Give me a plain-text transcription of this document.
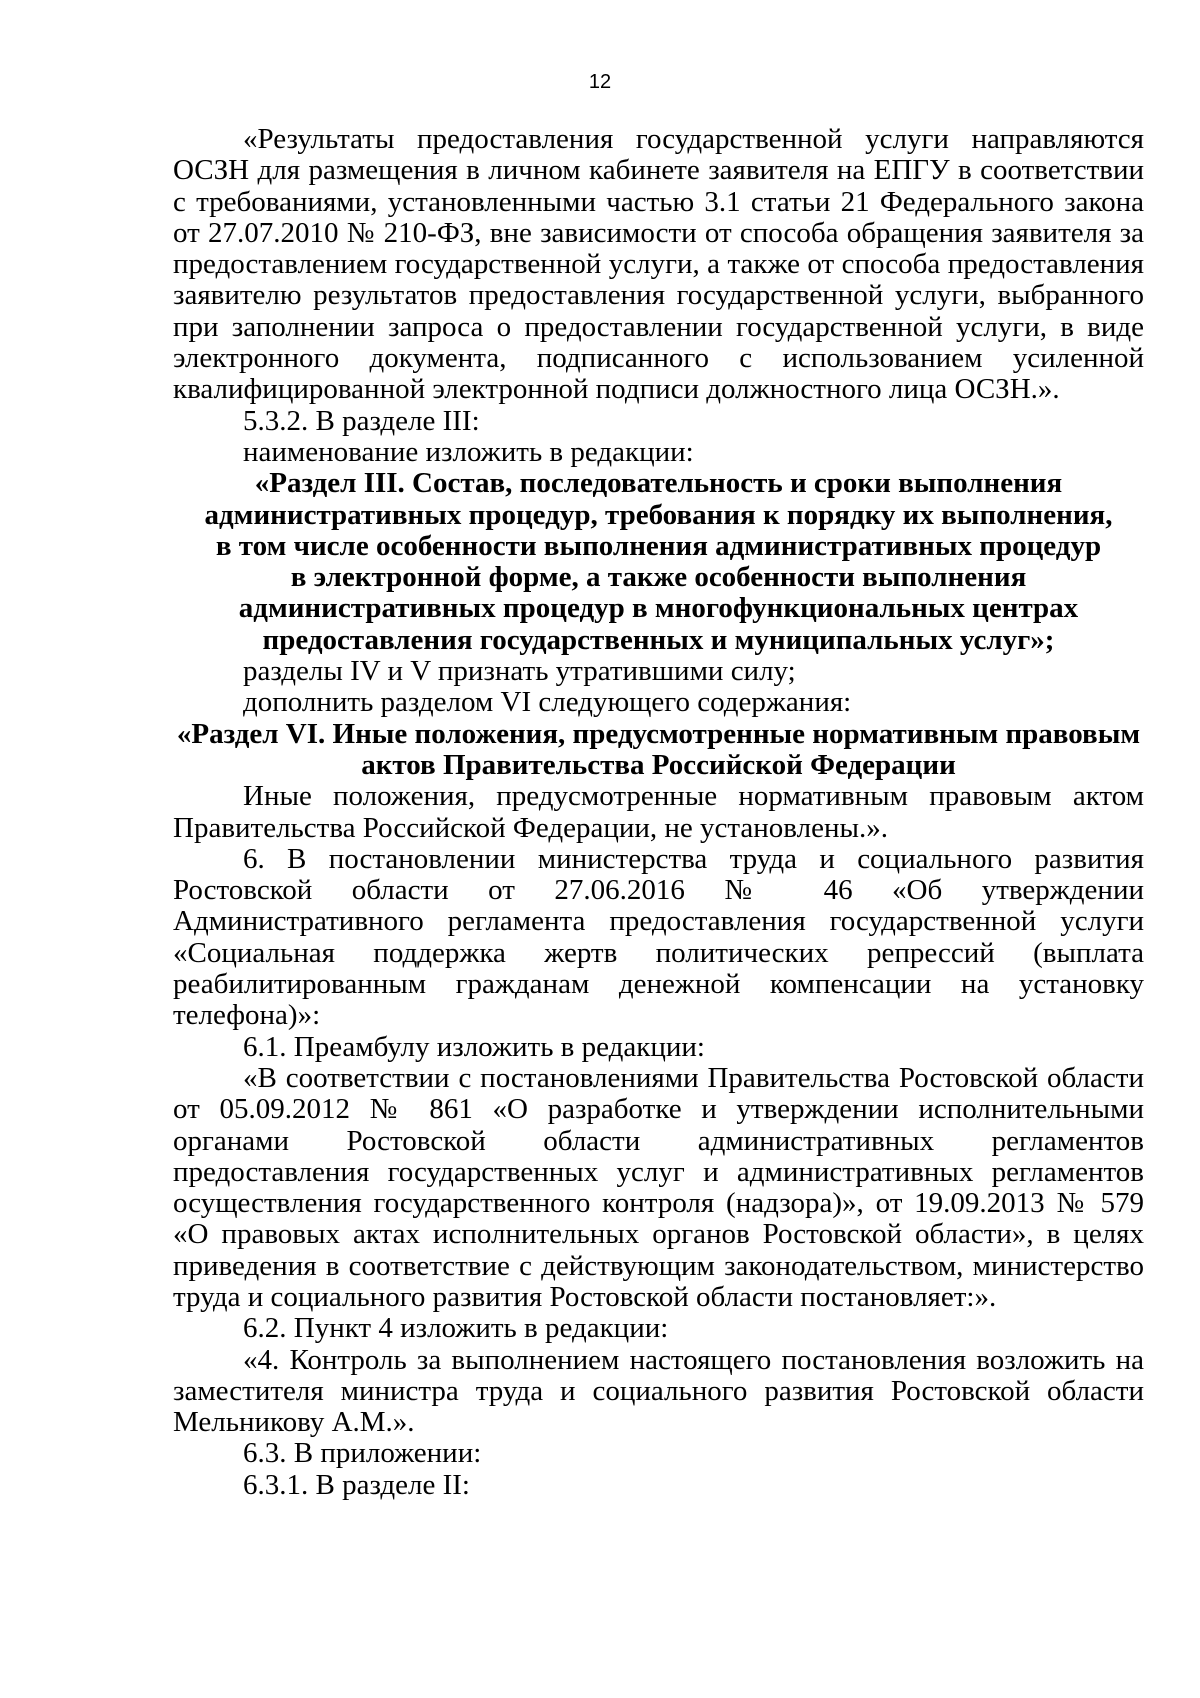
12

«Результаты предоставления государственной услуги направляются ОСЗН для размещения в личном кабинете заявителя на ЕПГУ в соответствии с требованиями, установленными частью 3.1 статьи 21 Федерального закона от 27.07.2010 № 210-ФЗ, вне зависимости от способа обращения заявителя за предоставлением государственной услуги, а также от способа предоставления заявителю результатов предоставления государственной услуги, выбранного при заполнении запроса о предоставлении государственной услуги, в виде электронного документа, подписанного с использованием усиленной квалифицированной электронной подписи должностного лица ОСЗН.».

5.3.2. В разделе III:

наименование изложить в редакции:

«Раздел III. Состав, последовательность и сроки выполнения

административных процедур, требования к порядку их выполнения,

в том числе особенности выполнения административных процедур

в электронной форме, а также особенности выполнения

административных процедур в многофункциональных центрах

предоставления государственных и муниципальных услуг»;

разделы IV и V признать утратившими силу;

дополнить разделом VI следующего содержания:

«Раздел VI. Иные положения, предусмотренные нормативным правовым

актов Правительства Российской Федерации

Иные положения, предусмотренные нормативным правовым актом Правительства Российской Федерации, не установлены.».

6. В постановлении министерства труда и социального развития Ростовской области от 27.06.2016 № 46 «Об утверждении Административного регламента предоставления государственной услуги «Социальная поддержка жертв политических репрессий (выплата реабилитированным гражданам денежной компенсации на установку телефона)»:

6.1. Преамбулу изложить в редакции:

«В соответствии с постановлениями Правительства Ростовской области от 05.09.2012 № 861 «О разработке и утверждении исполнительными органами Ростовской области административных регламентов предоставления государственных услуг и административных регламентов осуществления государственного контроля (надзора)», от 19.09.2013 № 579 «О правовых актах исполнительных органов Ростовской области», в целях приведения в соответствие с действующим законодательством, министерство труда и социального развития Ростовской области постановляет:».

6.2. Пункт 4 изложить в редакции:

«4. Контроль за выполнением настоящего постановления возложить на заместителя министра труда и социального развития Ростовской области Мельникову А.М.».

6.3. В приложении:

6.3.1. В разделе II:
